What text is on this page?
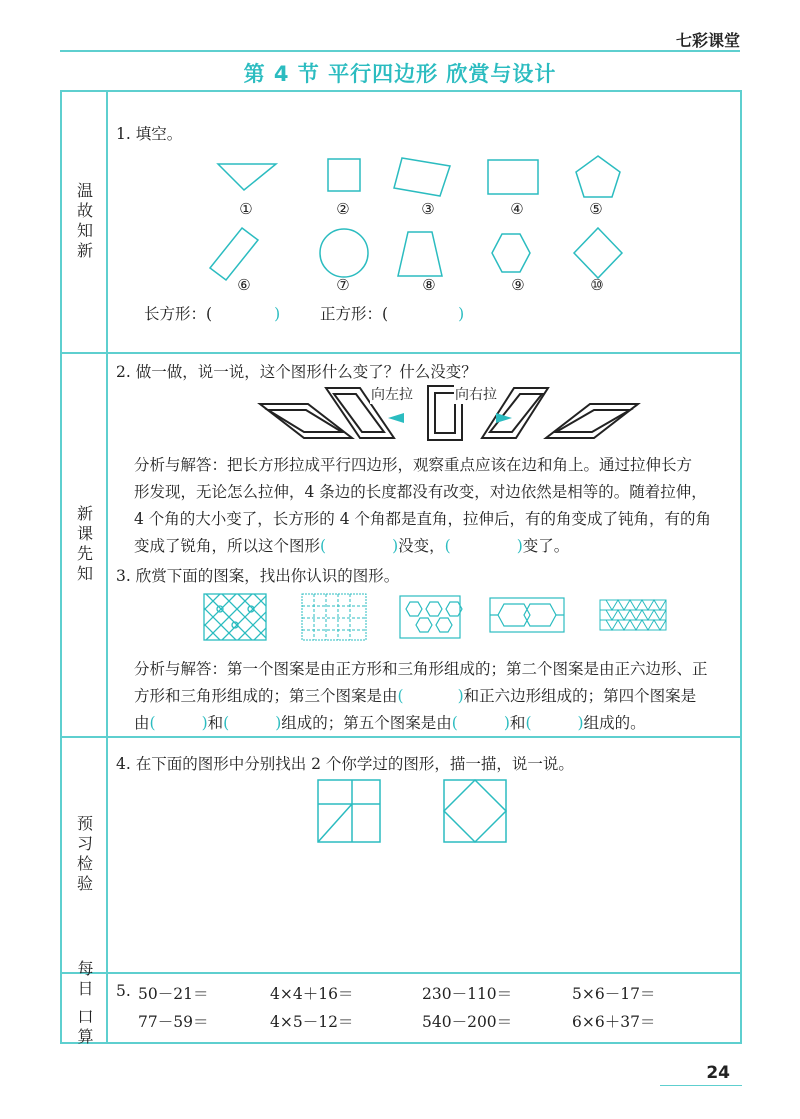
七彩课堂
第 4 节 平行四边形 欣赏与设计
温故知新
1. 填空。
①	②	③	④	⑤
⑥	⑦	⑧	⑨	⑩
长方形：(	)	正方形：(	)
新课先知
2. 做一做，说一说，这个图形什么变了？什么没变？
向左拉	向右拉
分析与解答：把长方形拉成平行四边形，观察重点应该在边和角上。通过拉伸长方
形发现，无论怎么拉伸，4 条边的长度都没有改变，对边依然是相等的。随着拉伸，
4 个角的大小变了，长方形的 4 个角都是直角，拉伸后，有的角变成了钝角，有的角
变成了锐角，所以这个图形(	)没变，(	)变了。
3. 欣赏下面的图案，找出你认识的图形。
分析与解答：第一个图案是由正方形和三角形组成的；第二个图案是由正六边形、正
方形和三角形组成的；第三个图案是由(	)和正六边形组成的；第四个图案是
由(	)和(	)组成的；第五个图案是由(	)和(	)组成的。
预习检验
4. 在下面的图形中分别找出 2 个你学过的图形，描一描，说一说。
每日
口算
5. 50－21＝	4×4＋16＝	230－110＝	5×6－17＝
77－59＝	4×5－12＝	540－200＝	6×6＋37＝
24
